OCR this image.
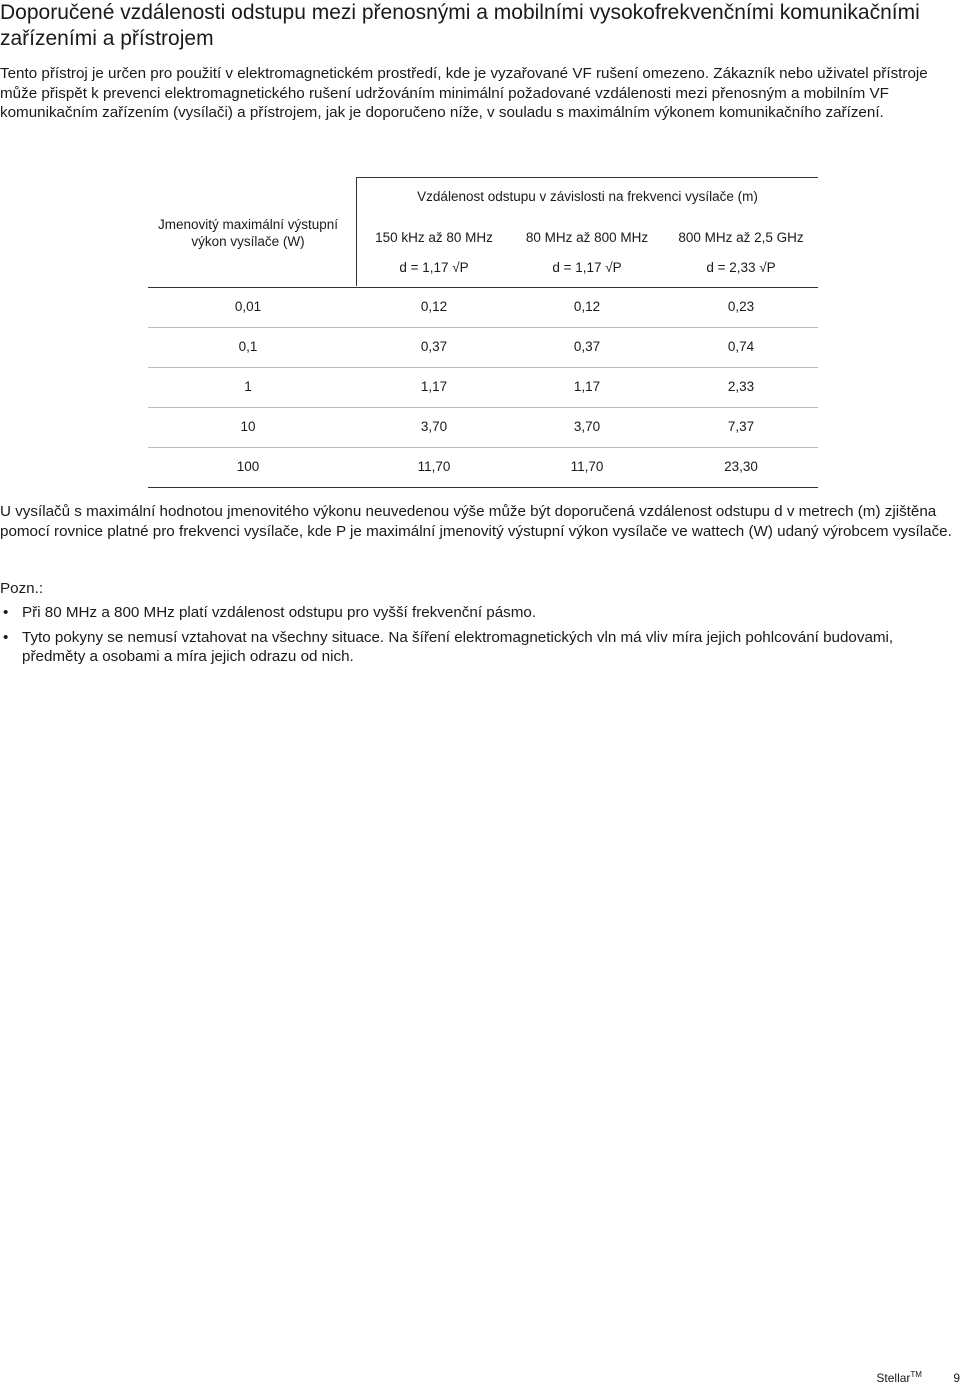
Doporučené vzdálenosti odstupu mezi přenosnými a mobilními vysokofrekvenčními komunikačními zařízeními a přístrojem

Tento přístroj je určen pro použití v elektromagnetickém prostředí, kde je vyzařované VF rušení omezeno. Zákazník nebo uživatel přístroje může přispět k prevenci elektromagnetického rušení udržováním minimální požadované vzdálenosti mezi přenosným a mobilním VF komunikačním zařízením (vysílači) a přístrojem, jak je doporučeno níže, v souladu s maximálním výkonem komunikačního zařízení.

Jmenovitý maximální výstupní výkon vysílače (W)
Vzdálenost odstupu v závislosti na frekvenci vysílače (m)
150 kHz až 80 MHz	80 MHz až 800 MHz	800 MHz až 2,5 GHz
d = 1,17 √P	d = 1,17 √P	d = 2,33 √P
0,01	0,12	0,12	0,23
0,1	0,37	0,37	0,74
1	1,17	1,17	2,33
10	3,70	3,70	7,37
100	11,70	11,70	23,30

U vysílačů s maximální hodnotou jmenovitého výkonu neuvedenou výše může být doporučená vzdálenost odstupu d v metrech (m) zjištěna pomocí rovnice platné pro frekvenci vysílače, kde P je maximální jmenovitý výstupní výkon vysílače ve wattech (W) udaný výrobcem vysílače.

Pozn.:

• Při 80 MHz a 800 MHz platí vzdálenost odstupu pro vyšší frekvenční pásmo.
• Tyto pokyny se nemusí vztahovat na všechny situace. Na šíření elektromagnetických vln má vliv míra jejich pohlcování budovami, předměty a osobami a míra jejich odrazu od nich.
Stellar™	9
